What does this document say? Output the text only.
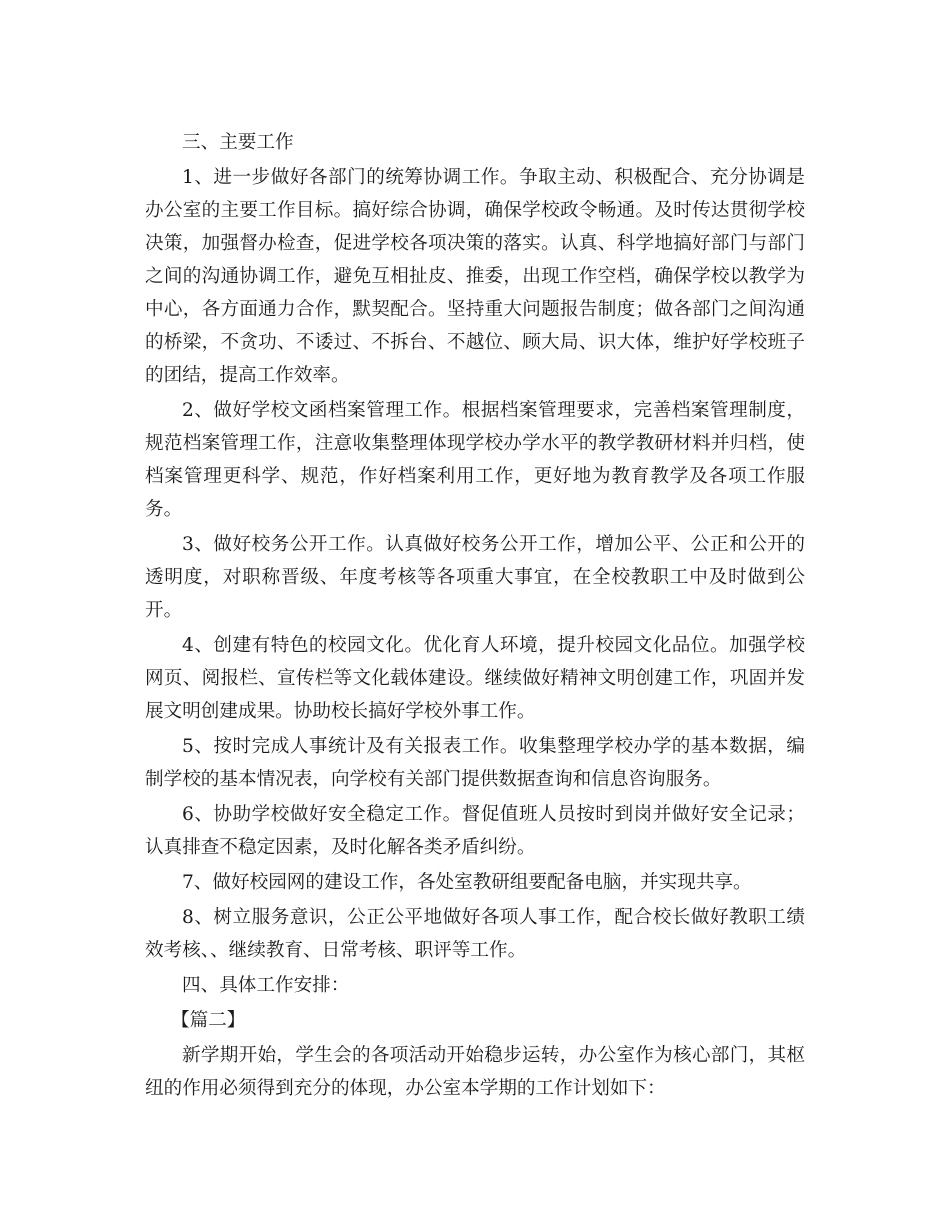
三、主要工作

1、进一步做好各部门的统筹协调工作。争取主动、积极配合、充分协调是办公室的主要工作目标。搞好综合协调，确保学校政令畅通。及时传达贯彻学校决策，加强督办检查，促进学校各项决策的落实。认真、科学地搞好部门与部门之间的沟通协调工作，避免互相扯皮、推委，出现工作空档，确保学校以教学为中心，各方面通力合作，默契配合。坚持重大问题报告制度；做各部门之间沟通的桥梁，不贪功、不诿过、不拆台、不越位、顾大局、识大体，维护好学校班子的团结，提高工作效率。

2、做好学校文函档案管理工作。根据档案管理要求，完善档案管理制度，规范档案管理工作，注意收集整理体现学校办学水平的教学教研材料并归档，使档案管理更科学、规范，作好档案利用工作，更好地为教育教学及各项工作服务。

3、做好校务公开工作。认真做好校务公开工作，增加公平、公正和公开的透明度，对职称晋级、年度考核等各项重大事宜，在全校教职工中及时做到公开。

4、创建有特色的校园文化。优化育人环境，提升校园文化品位。加强学校网页、阅报栏、宣传栏等文化载体建设。继续做好精神文明创建工作，巩固并发展文明创建成果。协助校长搞好学校外事工作。

5、按时完成人事统计及有关报表工作。收集整理学校办学的基本数据，编制学校的基本情况表，向学校有关部门提供数据查询和信息咨询服务。

6、协助学校做好安全稳定工作。督促值班人员按时到岗并做好安全记录；认真排查不稳定因素，及时化解各类矛盾纠纷。

7、做好校园网的建设工作，各处室教研组要配备电脑，并实现共享。

8、树立服务意识，公正公平地做好各项人事工作，配合校长做好教职工绩效考核、、继续教育、日常考核、职评等工作。

四、具体工作安排：

【篇二】

新学期开始，学生会的各项活动开始稳步运转，办公室作为核心部门，其枢纽的作用必须得到充分的体现，办公室本学期的工作计划如下：
